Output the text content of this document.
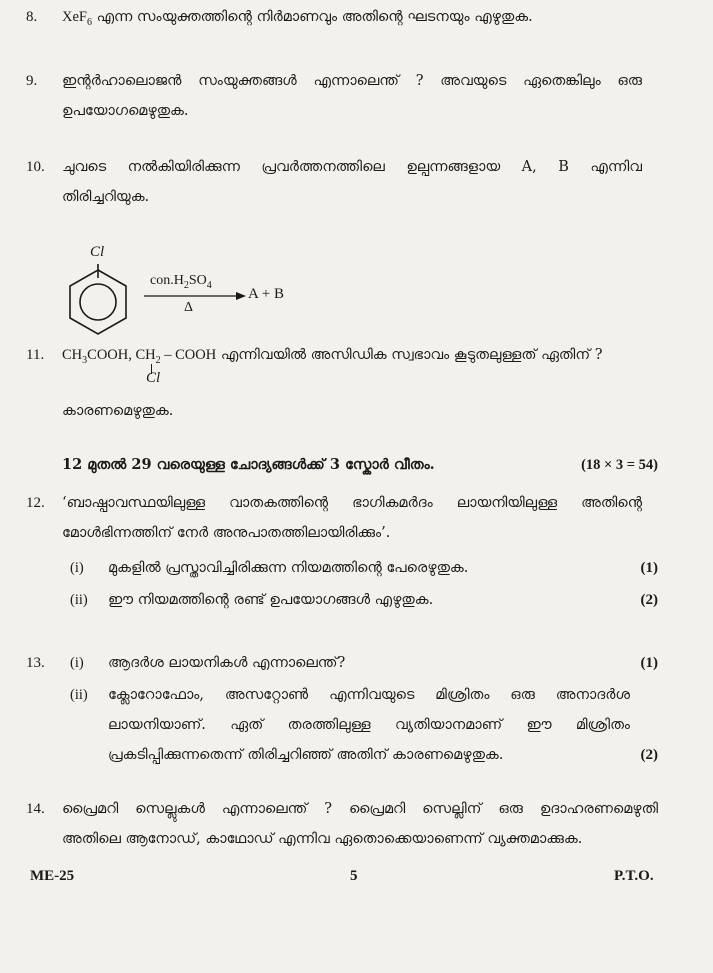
8. XeF$_6$ എന്ന സംയുക്തത്തിന്റെ നിർമാണവും അതിന്റെ ഘടനയും എഴുതുക.
9. ഇന്റർഹാലൊജൻ സംയുക്തങ്ങൾ എന്നാലെന്ത് ? അവയുടെ ഏതെങ്കിലും ഒരു
ഉപയോഗമെഴുതുക.
10. ചുവടെ നൽകിയിരിക്കുന്ന പ്രവർത്തനത്തിലെ ഉല്പന്നങ്ങളായ A, B എന്നിവ
തിരിച്ചറിയുക.
Cl
$con.H_2SO_4$
Δ
A + B
11. $CH_3COOH$, $CH_2$ – COOH എന്നിവയിൽ അസിഡിക സ്വഭാവം കൂടുതലുള്ളത് ഏതിന് ?
Cl
കാരണമെഴുതുക.
12 മുതൽ 29 വരെയുള്ള ചോദ്യങ്ങൾക്ക് 3 സ്കോർ വീതം.	(18 × 3 = 54)
12. ‘ബാഷ്പാവസ്ഥയിലുള്ള വാതകത്തിന്റെ ഭാഗികമർദം ലായനിയിലുള്ള അതിന്റെ
മോൾഭിന്നത്തിന് നേർ അനുപാതത്തിലായിരിക്കും’.
(i) മുകളിൽ പ്രസ്താവിച്ചിരിക്കുന്ന നിയമത്തിന്റെ പേരെഴുതുക.	(1)
(ii) ഈ നിയമത്തിന്റെ രണ്ട് ഉപയോഗങ്ങൾ എഴുതുക.	(2)
13. (i) ആദർശ ലായനികൾ എന്നാലെന്ത്?	(1)
(ii) ക്ലോറോഫോം, അസറ്റോൺ എന്നിവയുടെ മിശ്രിതം ഒരു അനാദർശ
ലായനിയാണ്. ഏത് തരത്തിലുള്ള വ്യതിയാനമാണ് ഈ മിശ്രിതം
പ്രകടിപ്പിക്കുന്നതെന്ന് തിരിച്ചറിഞ്ഞ് അതിന് കാരണമെഴുതുക.	(2)
14. പ്രൈമറി സെല്ലുകൾ എന്നാലെന്ത് ? പ്രൈമറി സെല്ലിന് ഒരു ഉദാഹരണമെഴുതി
അതിലെ ആനോഡ്, കാഥോഡ് എന്നിവ ഏതൊക്കെയാണെന്ന് വ്യക്തമാക്കുക.
ME-25	5	P.T.O.
